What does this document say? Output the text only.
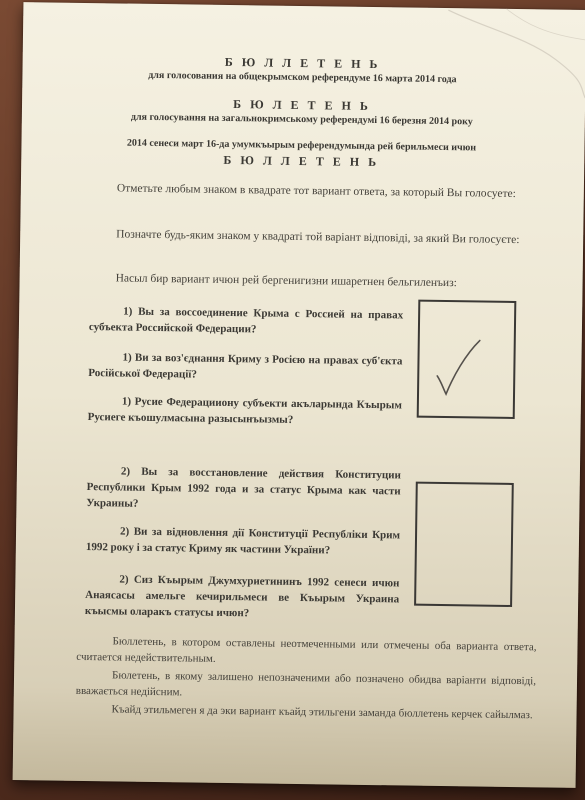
Б Ю Л Л Е Т Е Н Ь
для голосования на общекрымском референдуме 16 марта 2014 года
Б Ю Л Е Т Е Н Ь
для голосування на загальнокримському референдумі 16 березня 2014 року
2014 сенеси март 16-да умумкъырым референдумында рей берильмеси ичюн
Б Ю Л Л Е Т Е Н Ь
Отметьте любым знаком в квадрате тот вариант ответа, за который Вы голосуете:
Позначте будь-яким знаком у квадраті той варіант відповіді, за який Ви голосуєте:
Насыл бир вариант ичюн рей бергенигизни ишаретнен бельгиленъиз:
1) Вы за воссоединение Крыма с Россией на правах субъекта Российской Федерации?
1) Ви за воз'єднання Криму з Росією на правах суб'єкта Російської Федерації?
1) Русие Федерацииону субъекти акъларында Къырым Русиеге къошулмасына разысынъызмы?
2) Вы за восстановление действия Конституции Республики Крым 1992 года и за статус Крыма как части Украины?
2) Ви за відновлення дії Конституції Республіки Крим 1992 року і за статус Криму як частини України?
2) Сиз Къырым Джумхуриетининъ 1992 сенеси ичюн Анаясасы амельге кечирильмеси ве Къырым Украина къысмы оларакъ статусы ичюн?
Бюллетень, в котором оставлены неотмеченными или отмечены оба варианта ответа, считается недействительным.
Бюлетень, в якому залишено непозначеними або позначено обидва варіанти відповіді, вважається недійсним.
Къайд этильмеген я да эки вариант къайд этильгени заманда бюллетень керчек сайылмаз.
